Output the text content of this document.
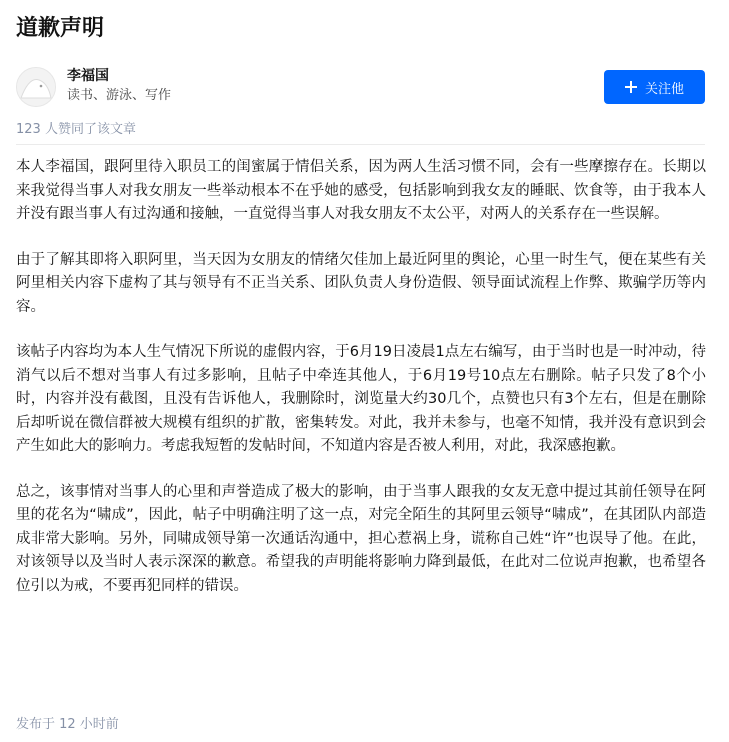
道歉声明
李福国
读书、游泳、写作	关注他
123 人赞同了该文章

本人李福国，跟阿里待入职员工的闺蜜属于情侣关系，因为两人生活习惯不同，会有一些摩擦存在。长期以来我觉得当事人对我女朋友一些举动根本不在乎她的感受，包括影响到我女友的睡眠、饮食等，由于我本人并没有跟当事人有过沟通和接触，一直觉得当事人对我女朋友不太公平，对两人的关系存在一些误解。

由于了解其即将入职阿里，当天因为女朋友的情绪欠佳加上最近阿里的舆论，心里一时生气，便在某些有关阿里相关内容下虚构了其与领导有不正当关系、团队负责人身份造假、领导面试流程上作弊、欺骗学历等内容。

该帖子内容均为本人生气情况下所说的虚假内容，于6月19日凌晨1点左右编写，由于当时也是一时冲动，待消气以后不想对当事人有过多影响，且帖子中牵连其他人，于6月19号10点左右删除。帖子只发了8个小时，内容并没有截图，且没有告诉他人，我删除时，浏览量大约30几个，点赞也只有3个左右，但是在删除后却听说在微信群被大规模有组织的扩散，密集转发。对此，我并未参与，也毫不知情，我并没有意识到会产生如此大的影响力。考虑我短暂的发帖时间，不知道内容是否被人利用，对此，我深感抱歉。

总之，该事情对当事人的心里和声誉造成了极大的影响，由于当事人跟我的女友无意中提过其前任领导在阿里的花名为“啸成”，因此，帖子中明确注明了这一点，对完全陌生的其阿里云领导“啸成”，在其团队内部造成非常大影响。另外，同啸成领导第一次通话沟通中，担心惹祸上身，谎称自己姓“许”也误导了他。在此，对该领导以及当时人表示深深的歉意。希望我的声明能将影响力降到最低，在此对二位说声抱歉，也希望各位引以为戒，不要再犯同样的错误。

发布于 12 小时前
